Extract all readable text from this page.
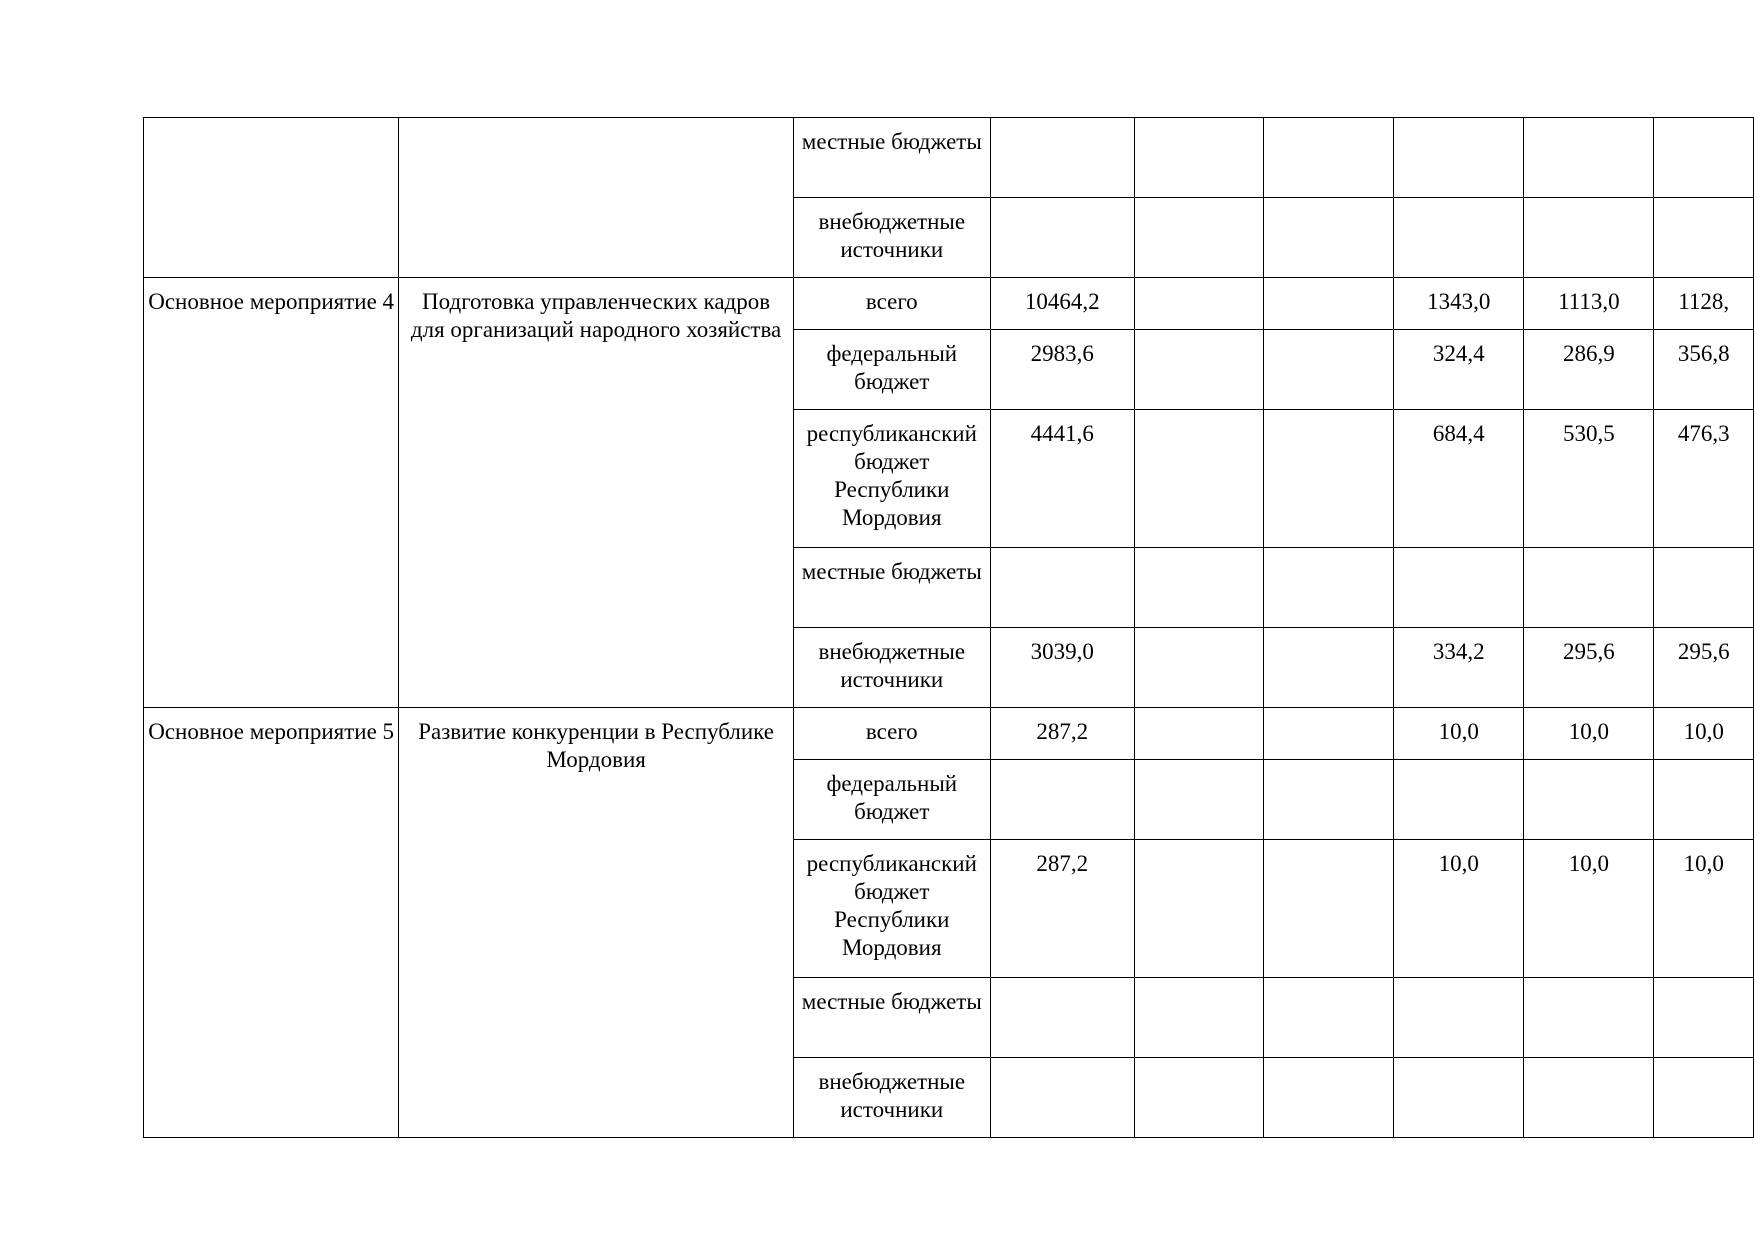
		местные бюджеты						
		внебюджетные источники						
Основное мероприятие 4	Подготовка управленческих кадров для организаций народного хозяйства	всего	10464,2			1343,0	1113,0	1128,
		федеральный бюджет	2983,6			324,4	286,9	356,8
		республиканский бюджет Республики Мордовия	4441,6			684,4	530,5	476,3
		местные бюджеты						
		внебюджетные источники	3039,0			334,2	295,6	295,6
Основное мероприятие 5	Развитие конкуренции в Республике Мордовия	всего	287,2			10,0	10,0	10,0
		федеральный бюджет						
		республиканский бюджет Республики Мордовия	287,2			10,0	10,0	10,0
		местные бюджеты						
		внебюджетные источники						
